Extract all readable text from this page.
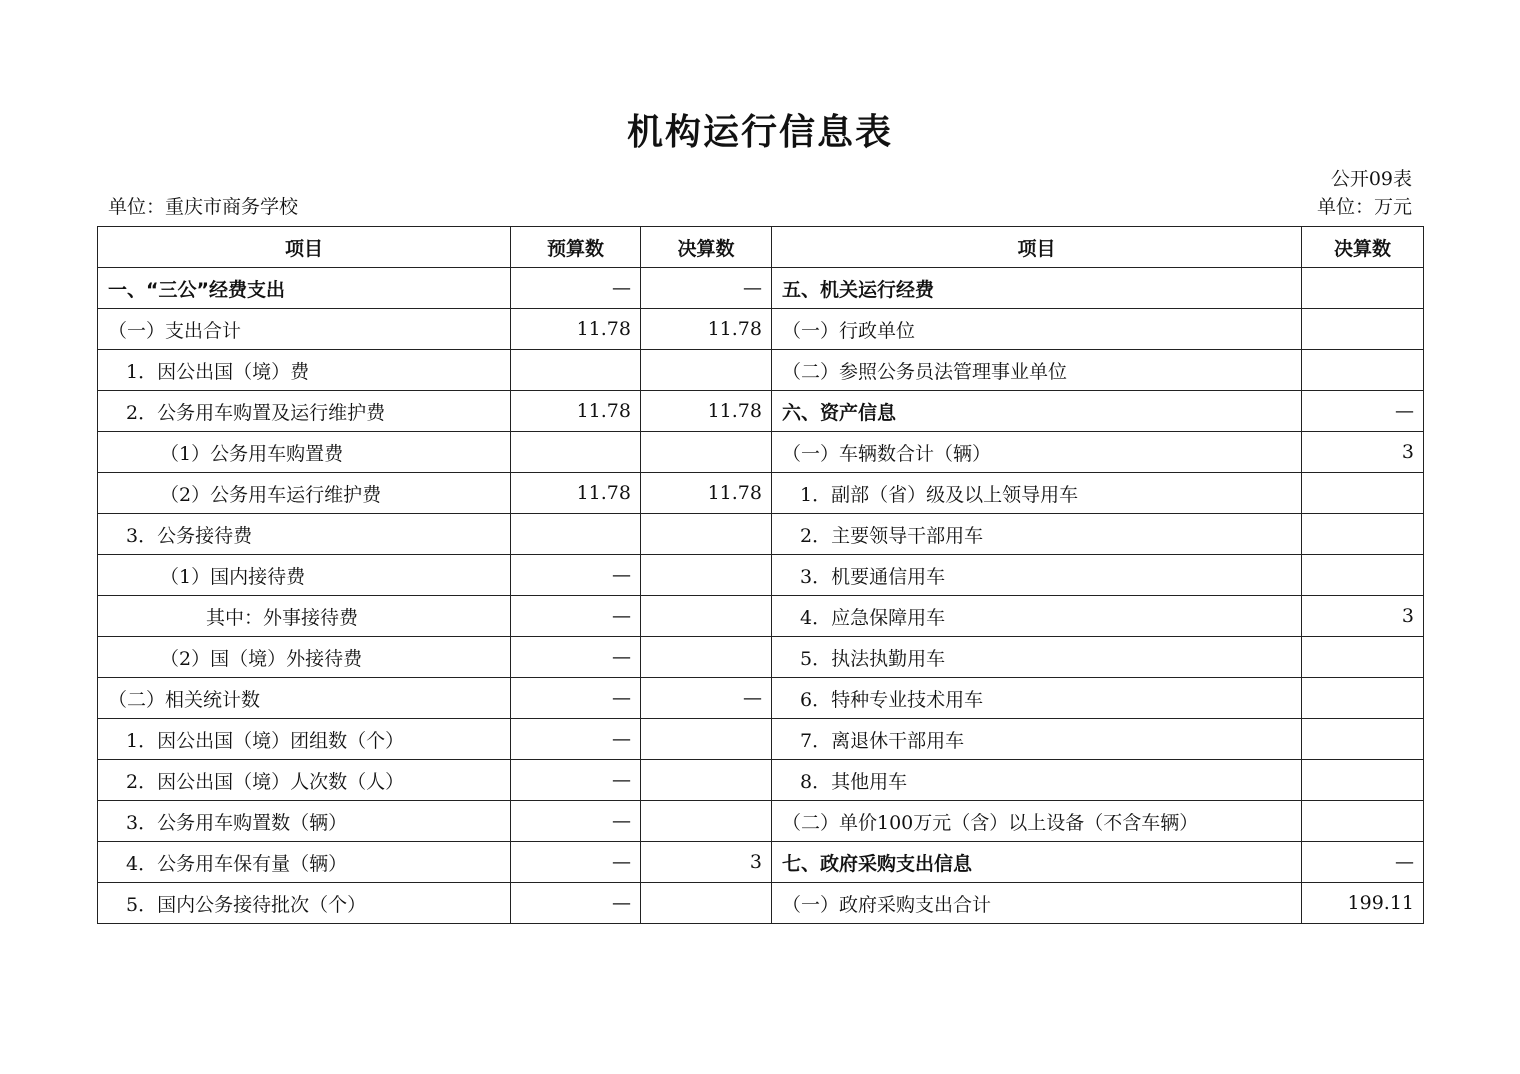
机构运行信息表
公开09表
单位：重庆市商务学校	单位：万元
项目	预算数	决算数	项目	决算数
一、“三公”经费支出	—	—	五、机关运行经费	
（一）支出合计	11.78	11.78	（一）行政单位	
1．因公出国（境）费			（二）参照公务员法管理事业单位	
2．公务用车购置及运行维护费	11.78	11.78	六、资产信息	—
（1）公务用车购置费			（一）车辆数合计（辆）	3
（2）公务用车运行维护费	11.78	11.78	1．副部（省）级及以上领导用车	
3．公务接待费			2．主要领导干部用车	
（1）国内接待费	—		3．机要通信用车	
其中：外事接待费	—		4．应急保障用车	3
（2）国（境）外接待费	—		5．执法执勤用车	
（二）相关统计数	—	—	6．特种专业技术用车	
1．因公出国（境）团组数（个）	—		7．离退休干部用车	
2．因公出国（境）人次数（人）	—		8．其他用车	
3．公务用车购置数（辆）	—		（二）单价100万元（含）以上设备（不含车辆）	
4．公务用车保有量（辆）	—	3	七、政府采购支出信息	—
5．国内公务接待批次（个）	—		（一）政府采购支出合计	199.11
